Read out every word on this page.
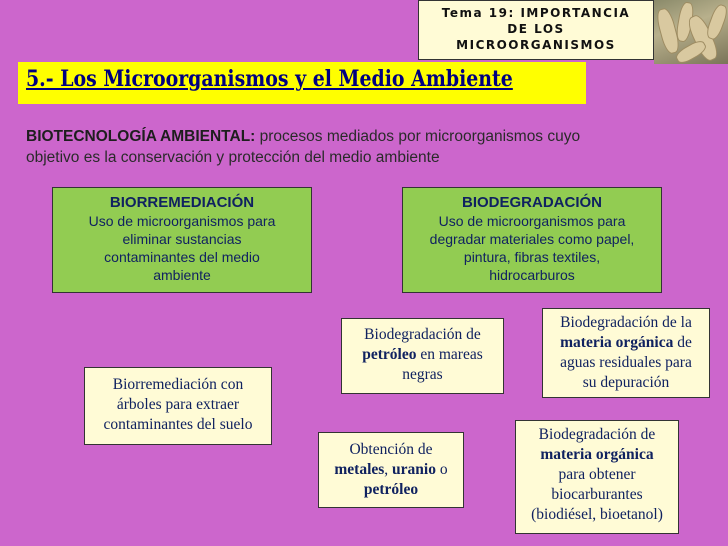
Tema 19: IMPORTANCIA
DE LOS
MICROORGANISMOS
5.- Los Microorganismos y el Medio Ambiente
BIOTECNOLOGÍA AMBIENTAL: procesos mediados por microorganismos cuyo
objetivo es la conservación y protección del medio ambiente
BIORREMEDIACIÓN
Uso de microorganismos para
eliminar sustancias
contaminantes del medio
ambiente
BIODEGRADACIÓN
Uso de microorganismos para
degradar materiales como papel,
pintura, fibras textiles,
hidrocarburos
Biodegradación de
petróleo en mareas
negras
Biodegradación de la
materia orgánica de
aguas residuales para
su depuración
Biorremediación con
árboles para extraer
contaminantes del suelo
Obtención de
metales, uranio o
petróleo
Biodegradación de
materia orgánica
para obtener
biocarburantes
(biodiésel, bioetanol)
